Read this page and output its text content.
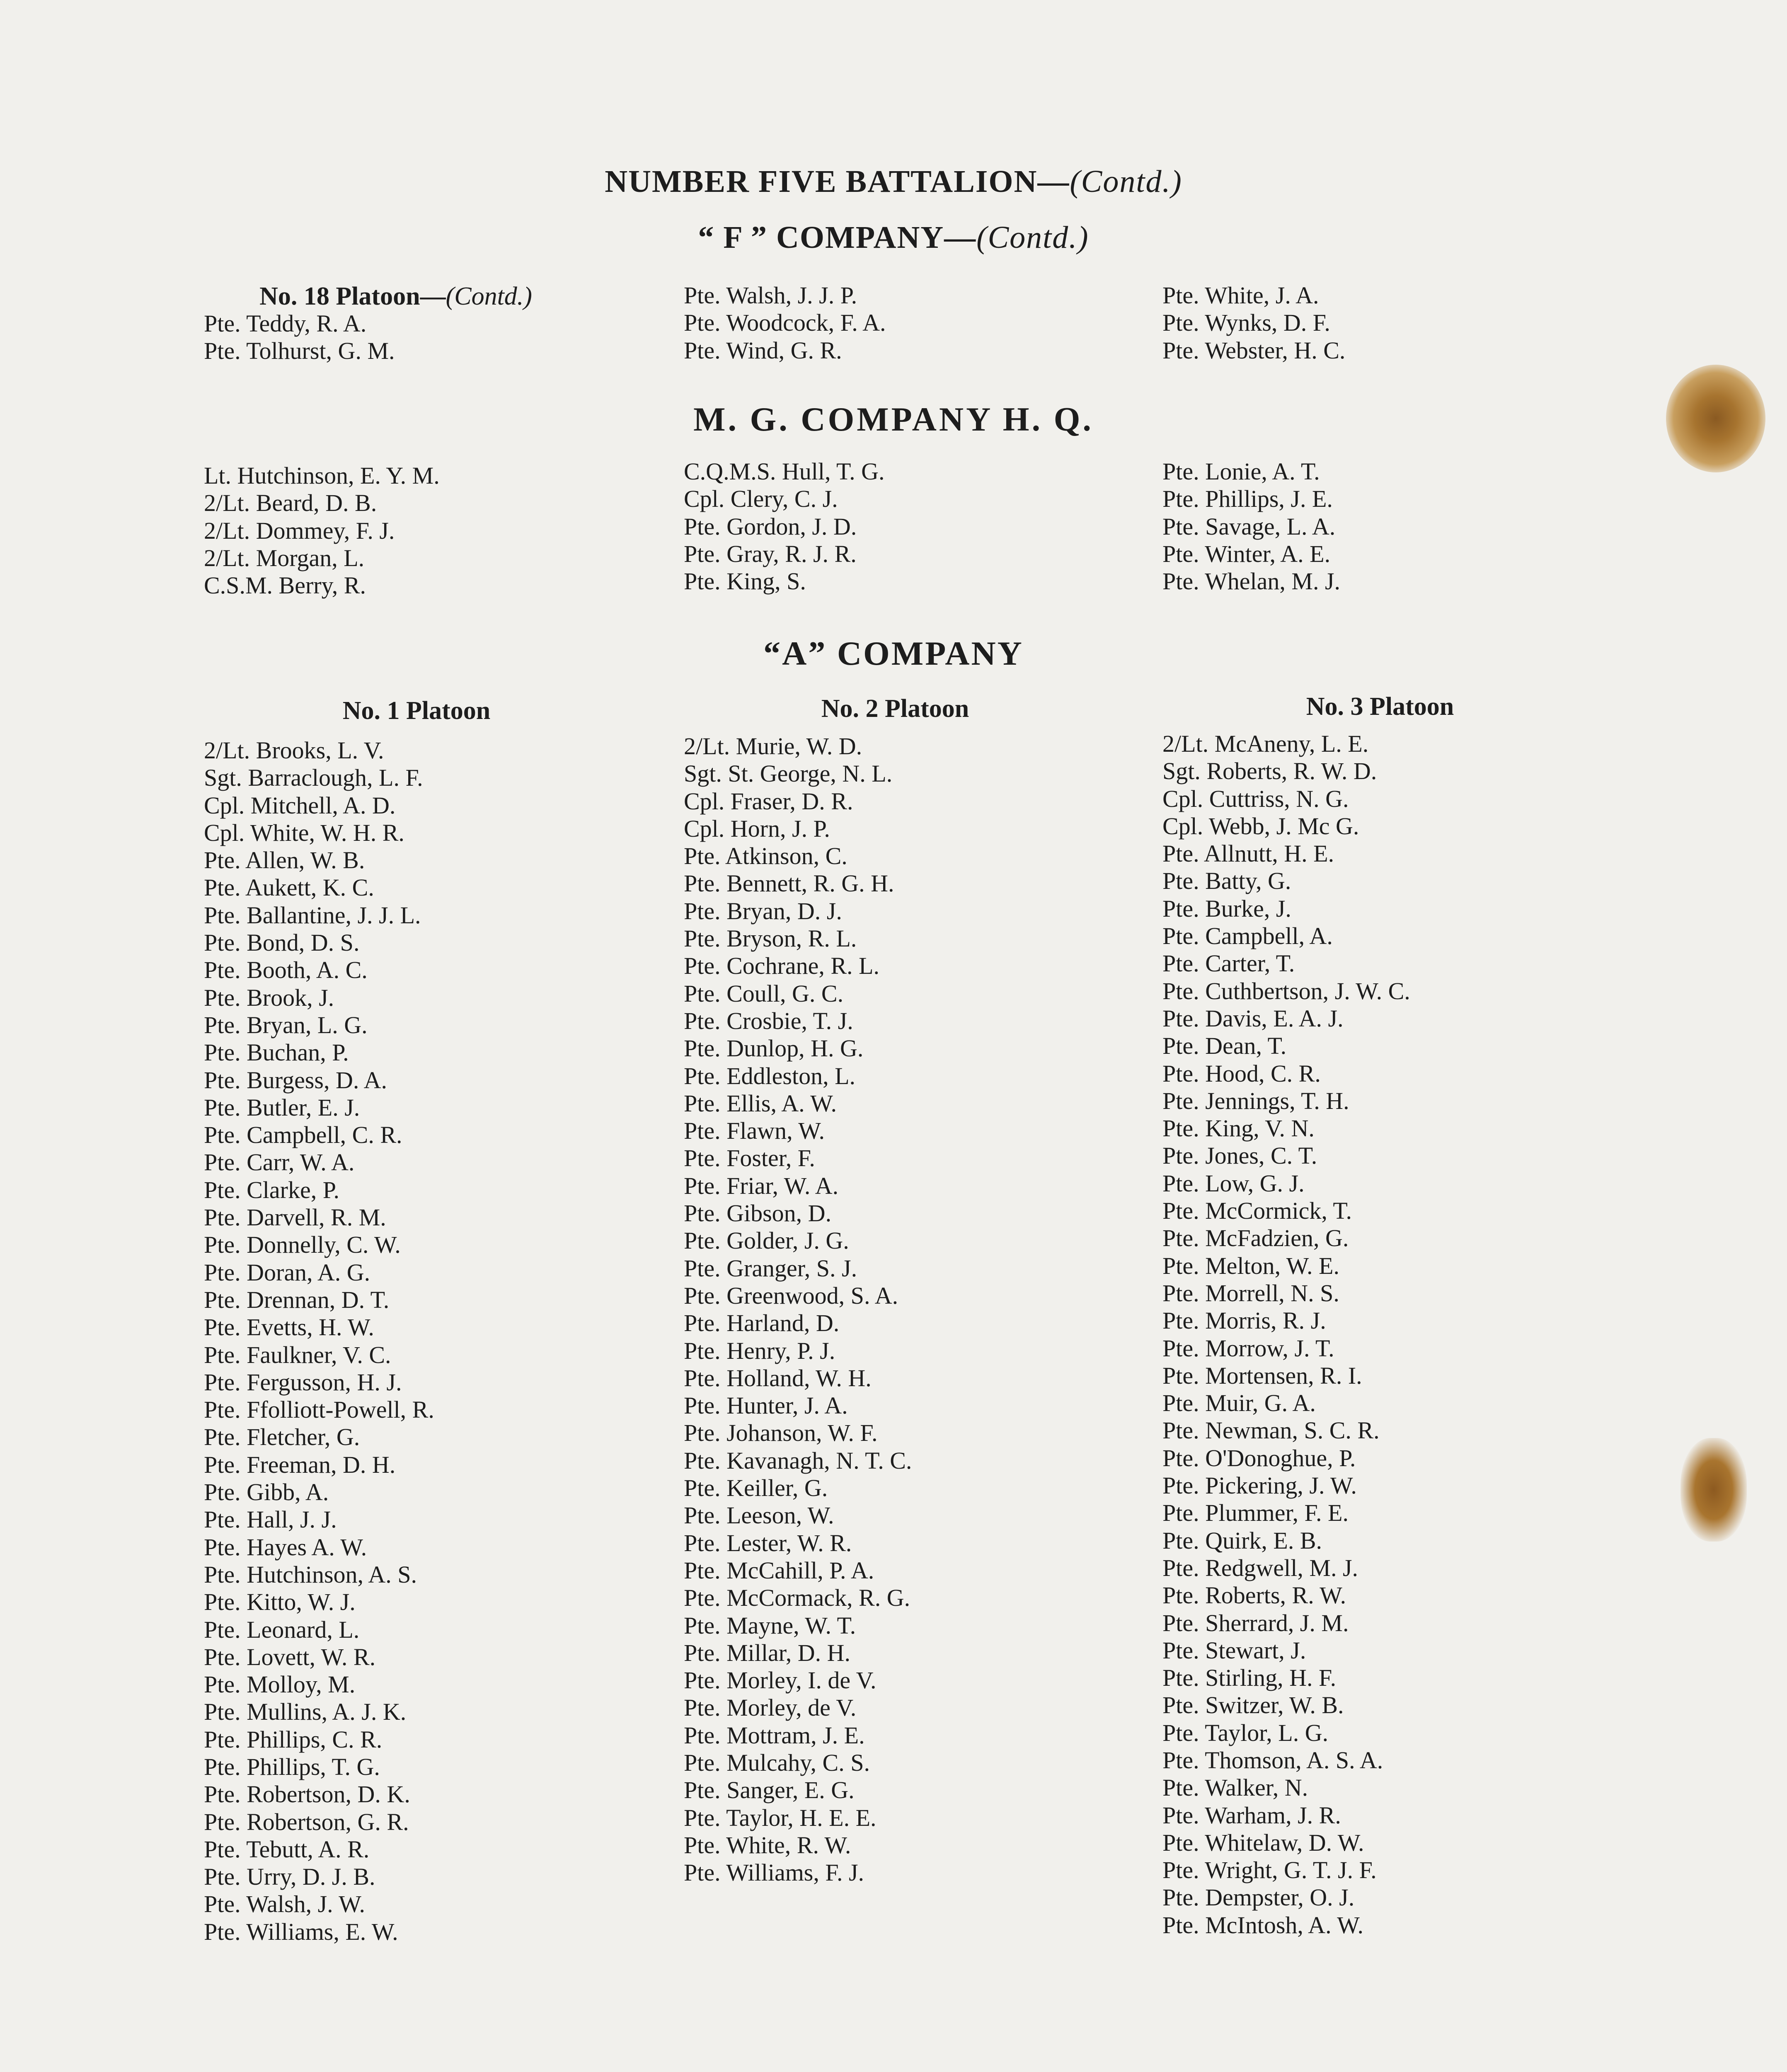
NUMBER FIVE BATTALION—(Contd.)
“ F ” COMPANY—(Contd.)
No. 18 Platoon—(Contd.)
Pte. Teddy, R. A.
Pte. Tolhurst, G. M.
Pte. Walsh, J. J. P.
Pte. Woodcock, F. A.
Pte. Wind, G. R.
Pte. White, J. A.
Pte. Wynks, D. F.
Pte. Webster, H. C.
M. G. COMPANY H. Q.
Lt. Hutchinson, E. Y. M.
2/Lt. Beard, D. B.
2/Lt. Dommey, F. J.
2/Lt. Morgan, L.
C.S.M. Berry, R.
C.Q.M.S. Hull, T. G.
Cpl. Clery, C. J.
Pte. Gordon, J. D.
Pte. Gray, R. J. R.
Pte. King, S.
Pte. Lonie, A. T.
Pte. Phillips, J. E.
Pte. Savage, L. A.
Pte. Winter, A. E.
Pte. Whelan, M. J.
“A” COMPANY
No. 1 Platoon	No. 2 Platoon	No. 3 Platoon
2/Lt. Brooks, L. V.
Sgt. Barraclough, L. F.
Cpl. Mitchell, A. D.
Cpl. White, W. H. R.
Pte. Allen, W. B.
Pte. Aukett, K. C.
Pte. Ballantine, J. J. L.
Pte. Bond, D. S.
Pte. Booth, A. C.
Pte. Brook, J.
Pte. Bryan, L. G.
Pte. Buchan, P.
Pte. Burgess, D. A.
Pte. Butler, E. J.
Pte. Campbell, C. R.
Pte. Carr, W. A.
Pte. Clarke, P.
Pte. Darvell, R. M.
Pte. Donnelly, C. W.
Pte. Doran, A. G.
Pte. Drennan, D. T.
Pte. Evetts, H. W.
Pte. Faulkner, V. C.
Pte. Fergusson, H. J.
Pte. Ffolliott-Powell, R.
Pte. Fletcher, G.
Pte. Freeman, D. H.
Pte. Gibb, A.
Pte. Hall, J. J.
Pte. Hayes A. W.
Pte. Hutchinson, A. S.
Pte. Kitto, W. J.
Pte. Leonard, L.
Pte. Lovett, W. R.
Pte. Molloy, M.
Pte. Mullins, A. J. K.
Pte. Phillips, C. R.
Pte. Phillips, T. G.
Pte. Robertson, D. K.
Pte. Robertson, G. R.
Pte. Tebutt, A. R.
Pte. Urry, D. J. B.
Pte. Walsh, J. W.
Pte. Williams, E. W.
2/Lt. Murie, W. D.
Sgt. St. George, N. L.
Cpl. Fraser, D. R.
Cpl. Horn, J. P.
Pte. Atkinson, C.
Pte. Bennett, R. G. H.
Pte. Bryan, D. J.
Pte. Bryson, R. L.
Pte. Cochrane, R. L.
Pte. Coull, G. C.
Pte. Crosbie, T. J.
Pte. Dunlop, H. G.
Pte. Eddleston, L.
Pte. Ellis, A. W.
Pte. Flawn, W.
Pte. Foster, F.
Pte. Friar, W. A.
Pte. Gibson, D.
Pte. Golder, J. G.
Pte. Granger, S. J.
Pte. Greenwood, S. A.
Pte. Harland, D.
Pte. Henry, P. J.
Pte. Holland, W. H.
Pte. Hunter, J. A.
Pte. Johanson, W. F.
Pte. Kavanagh, N. T. C.
Pte. Keiller, G.
Pte. Leeson, W.
Pte. Lester, W. R.
Pte. McCahill, P. A.
Pte. McCormack, R. G.
Pte. Mayne, W. T.
Pte. Millar, D. H.
Pte. Morley, I. de V.
Pte. Morley, de V.
Pte. Mottram, J. E.
Pte. Mulcahy, C. S.
Pte. Sanger, E. G.
Pte. Taylor, H. E. E.
Pte. White, R. W.
Pte. Williams, F. J.
2/Lt. McAneny, L. E.
Sgt. Roberts, R. W. D.
Cpl. Cuttriss, N. G.
Cpl. Webb, J. Mc G.
Pte. Allnutt, H. E.
Pte. Batty, G.
Pte. Burke, J.
Pte. Campbell, A.
Pte. Carter, T.
Pte. Cuthbertson, J. W. C.
Pte. Davis, E. A. J.
Pte. Dean, T.
Pte. Hood, C. R.
Pte. Jennings, T. H.
Pte. King, V. N.
Pte. Jones, C. T.
Pte. Low, G. J.
Pte. McCormick, T.
Pte. McFadzien, G.
Pte. Melton, W. E.
Pte. Morrell, N. S.
Pte. Morris, R. J.
Pte. Morrow, J. T.
Pte. Mortensen, R. I.
Pte. Muir, G. A.
Pte. Newman, S. C. R.
Pte. O'Donoghue, P.
Pte. Pickering, J. W.
Pte. Plummer, F. E.
Pte. Quirk, E. B.
Pte. Redgwell, M. J.
Pte. Roberts, R. W.
Pte. Sherrard, J. M.
Pte. Stewart, J.
Pte. Stirling, H. F.
Pte. Switzer, W. B.
Pte. Taylor, L. G.
Pte. Thomson, A. S. A.
Pte. Walker, N.
Pte. Warham, J. R.
Pte. Whitelaw, D. W.
Pte. Wright, G. T. J. F.
Pte. Dempster, O. J.
Pte. McIntosh, A. W.
